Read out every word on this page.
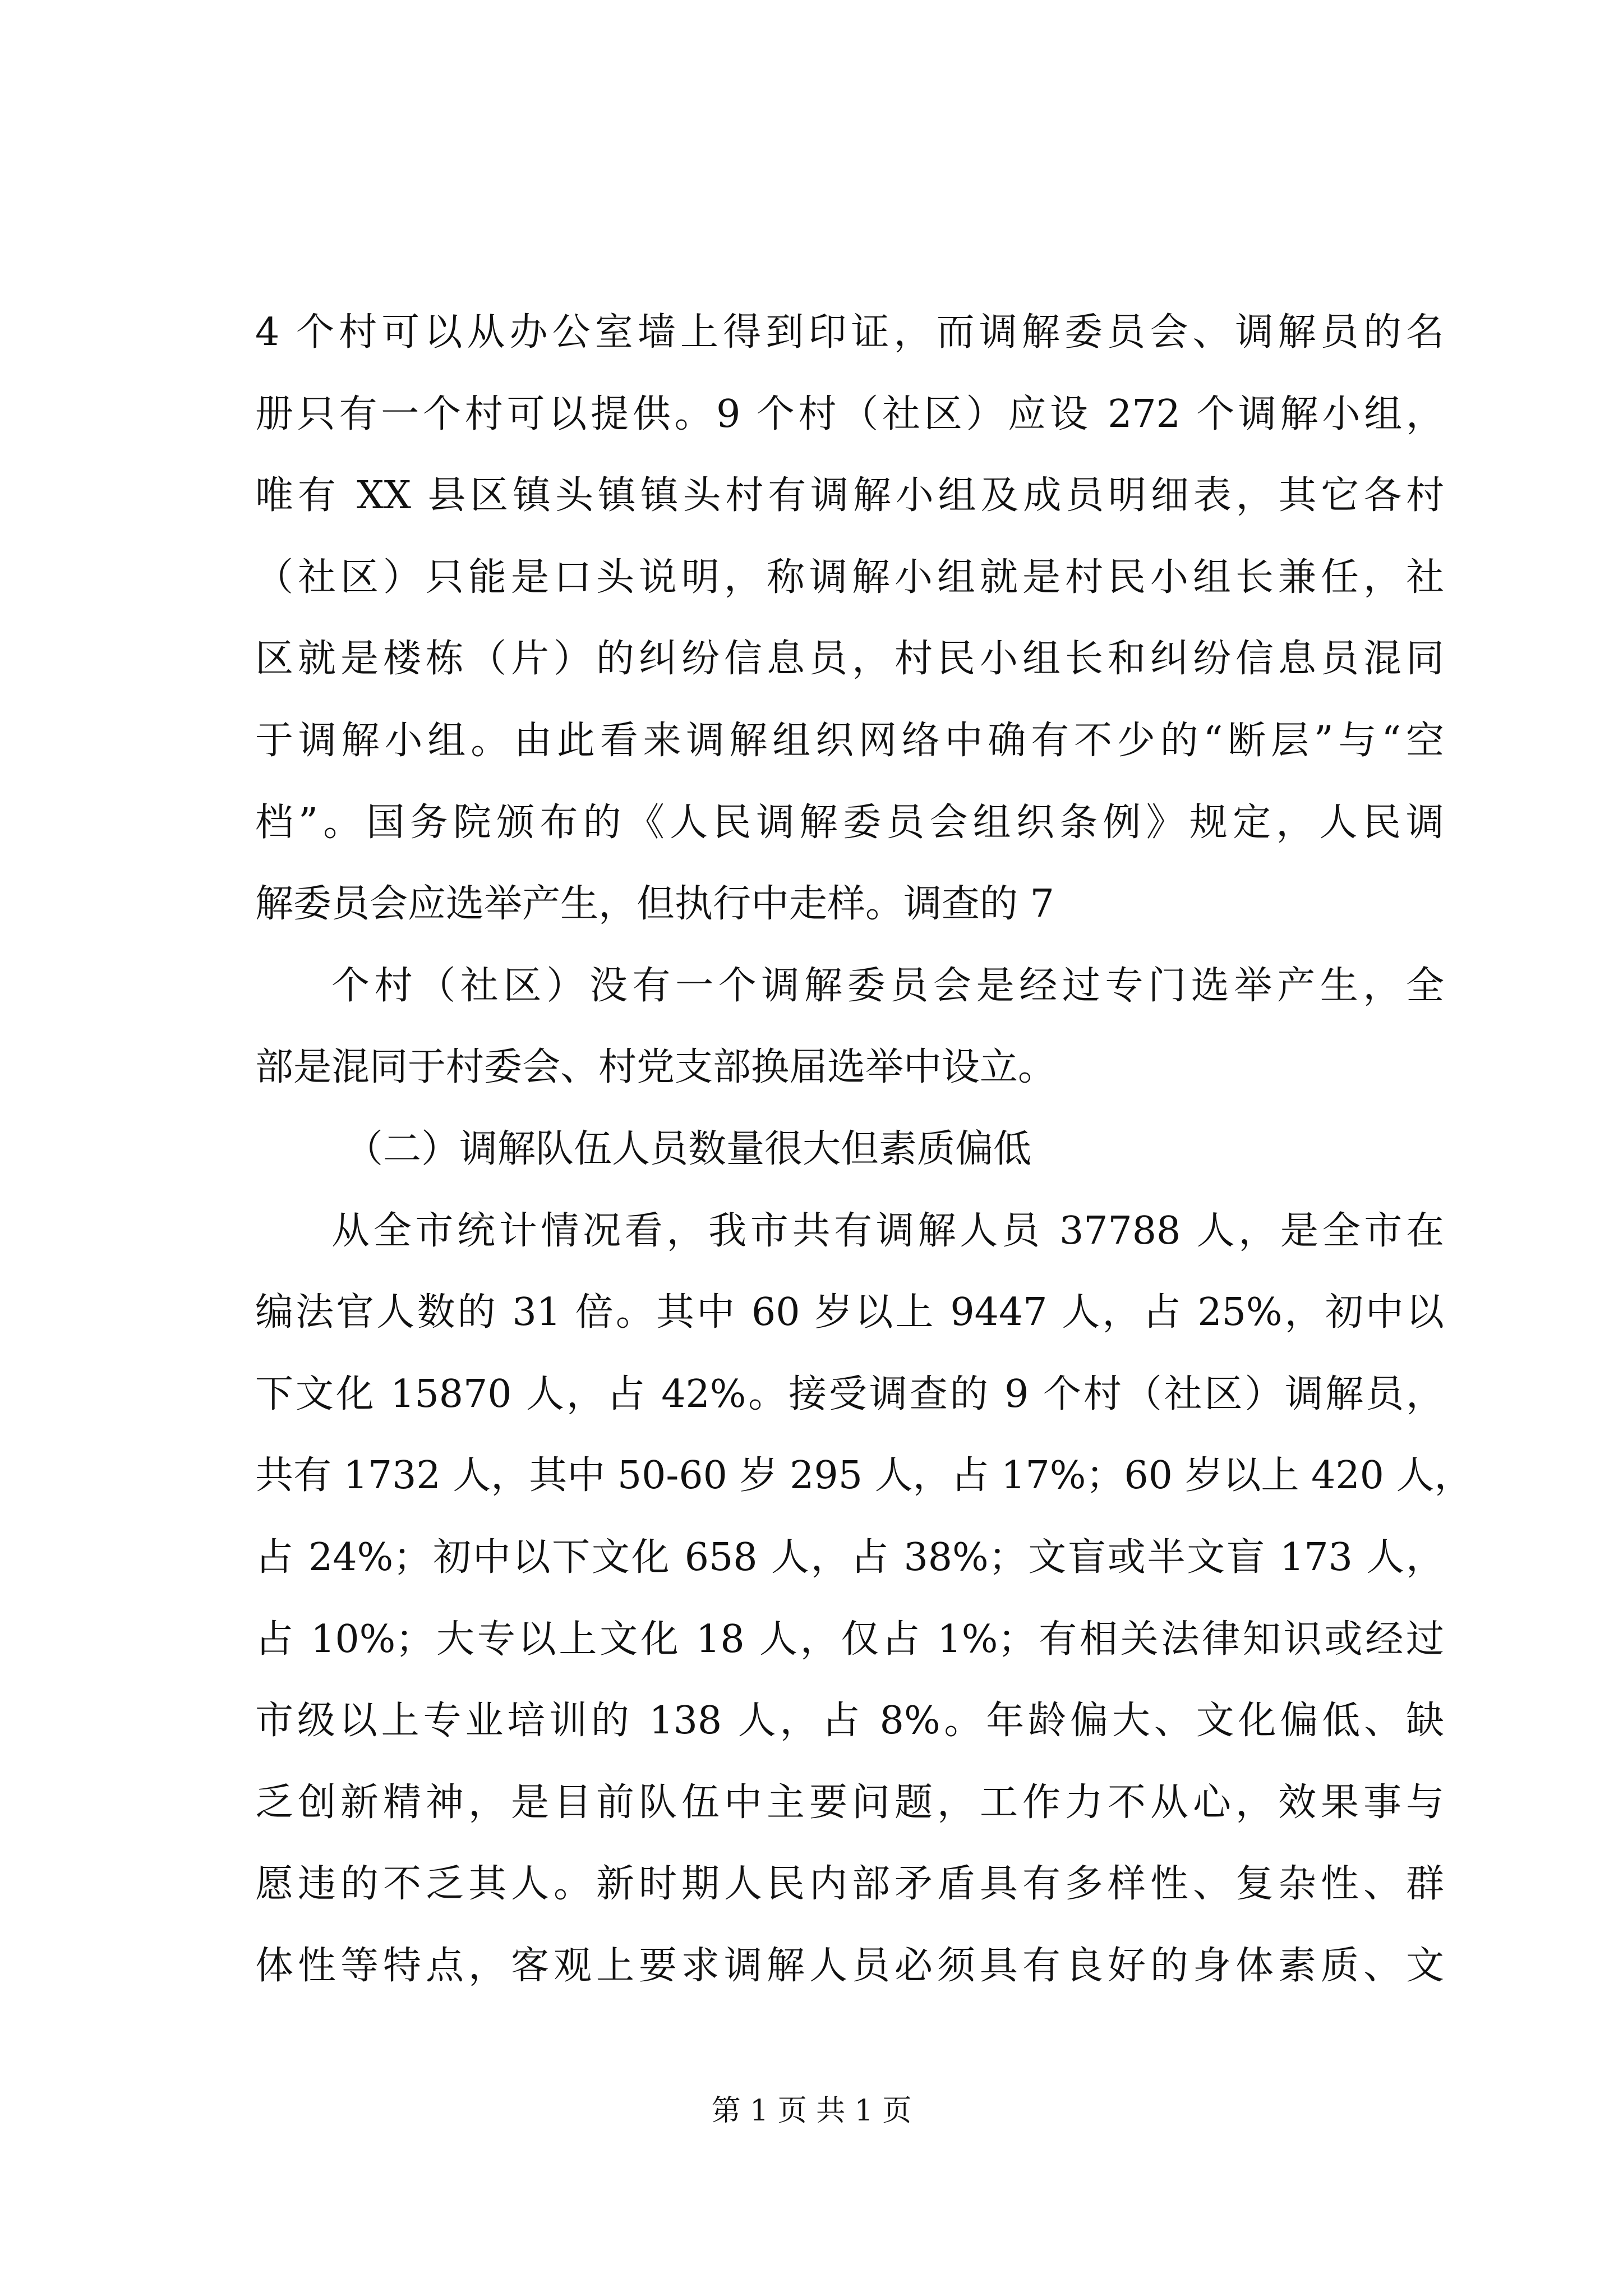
4 个村可以从办公室墙上得到印证，而调解委员会、调解员的名
册只有一个村可以提供。9 个村（社区）应设 272 个调解小组，
唯有 XX 县区镇头镇镇头村有调解小组及成员明细表，其它各村
（社区）只能是口头说明，称调解小组就是村民小组长兼任，社
区就是楼栋（片）的纠纷信息员，村民小组长和纠纷信息员混同
于调解小组。由此看来调解组织网络中确有不少的“断层”与“空
档”。国务院颁布的《人民调解委员会组织条例》规定，人民调
解委员会应选举产生，但执行中走样。调查的 7
个村（社区）没有一个调解委员会是经过专门选举产生，全
部是混同于村委会、村党支部换届选举中设立。
（二）调解队伍人员数量很大但素质偏低
从全市统计情况看，我市共有调解人员 37788 人，是全市在
编法官人数的 31 倍。其中 60 岁以上 9447 人，占 25%，初中以
下文化 15870 人，占 42%。接受调查的 9 个村（社区）调解员，
共有 1732 人，其中 50-60 岁 295 人，占 17%；60 岁以上 420 人，
占 24%；初中以下文化 658 人，占 38%；文盲或半文盲 173 人，
占 10%；大专以上文化 18 人，仅占 1%；有相关法律知识或经过
市级以上专业培训的 138 人，占 8%。年龄偏大、文化偏低、缺
乏创新精神，是目前队伍中主要问题，工作力不从心，效果事与
愿违的不乏其人。新时期人民内部矛盾具有多样性、复杂性、群
体性等特点，客观上要求调解人员必须具有良好的身体素质、文
第 1 页 共 1 页
